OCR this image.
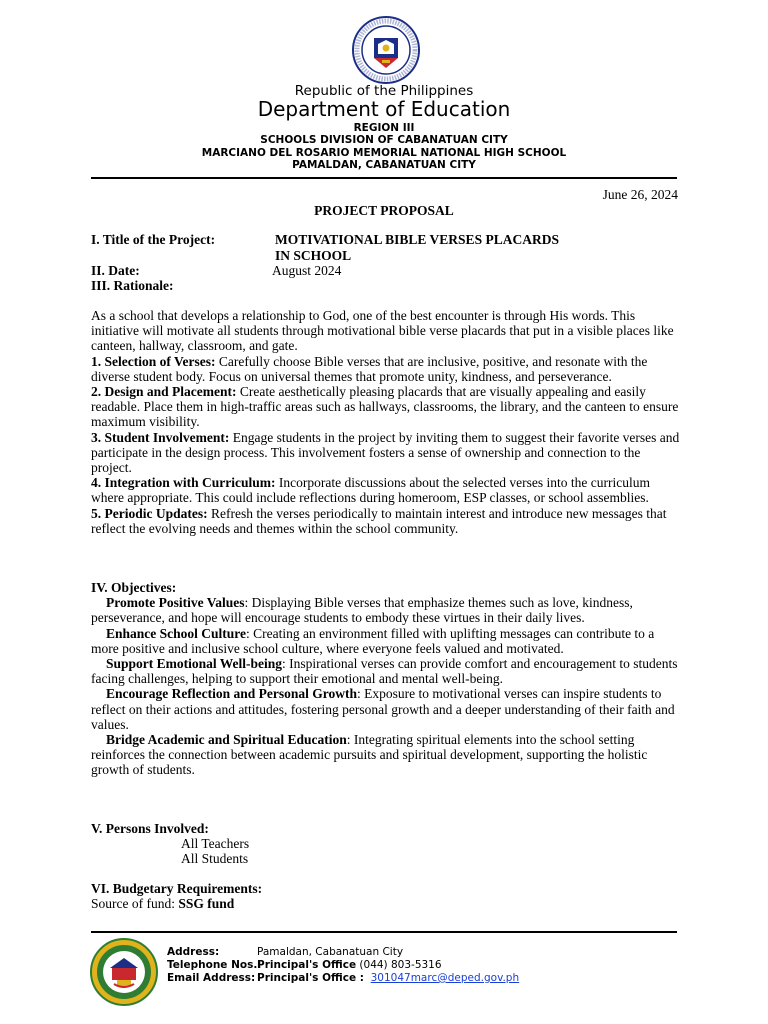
Republic of the Philippines
Department of Education
REGION III
SCHOOLS DIVISION OF CABANATUAN CITY
MARCIANO DEL ROSARIO MEMORIAL NATIONAL HIGH SCHOOL
PAMALDAN, CABANATUAN CITY
June 26, 2024
PROJECT PROPOSAL
I. Title of the Project:	MOTIVATIONAL BIBLE VERSES PLACARDS
IN SCHOOL
II. Date:	August 2024
III. Rationale:
As a school that develops a relationship to God, one of the best encounter is through His words. This initiative will motivate all students through motivational bible verse placards that put in a visible places like canteen, hallway, classroom, and gate.
1. Selection of Verses: Carefully choose Bible verses that are inclusive, positive, and resonate with the diverse student body. Focus on universal themes that promote unity, kindness, and perseverance.
2. Design and Placement: Create aesthetically pleasing placards that are visually appealing and easily readable. Place them in high-traffic areas such as hallways, classrooms, the library, and the canteen to ensure maximum visibility.
3. Student Involvement: Engage students in the project by inviting them to suggest their favorite verses and participate in the design process. This involvement fosters a sense of ownership and connection to the project.
4. Integration with Curriculum: Incorporate discussions about the selected verses into the curriculum where appropriate. This could include reflections during homeroom, ESP classes, or school assemblies.
5. Periodic Updates: Refresh the verses periodically to maintain interest and introduce new messages that reflect the evolving needs and themes within the school community.
IV. Objectives:
Promote Positive Values: Displaying Bible verses that emphasize themes such as love, kindness, perseverance, and hope will encourage students to embody these virtues in their daily lives.
Enhance School Culture: Creating an environment filled with uplifting messages can contribute to a more positive and inclusive school culture, where everyone feels valued and motivated.
Support Emotional Well-being: Inspirational verses can provide comfort and encouragement to students facing challenges, helping to support their emotional and mental well-being.
Encourage Reflection and Personal Growth: Exposure to motivational verses can inspire students to reflect on their actions and attitudes, fostering personal growth and a deeper understanding of their faith and values.
Bridge Academic and Spiritual Education: Integrating spiritual elements into the school setting reinforces the connection between academic pursuits and spiritual development, supporting the holistic growth of students.
V. Persons Involved:
All Teachers
All Students
VI. Budgetary Requirements:
Source of fund: SSG fund
Address:	Pamaldan, Cabanatuan City
Telephone Nos.:
Principal's Office (044) 803-5316
Email Address: Principal's Office : 301047marc@deped.gov.ph
